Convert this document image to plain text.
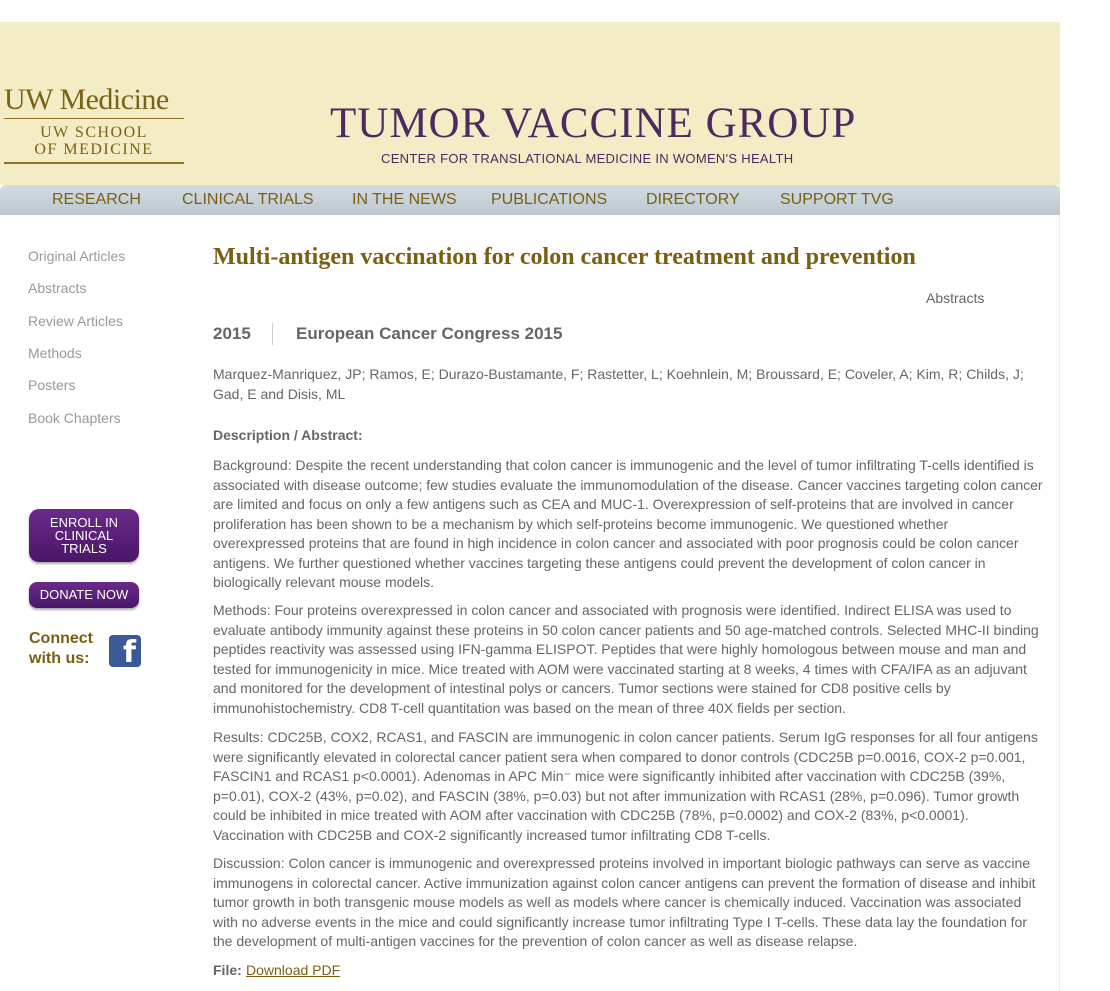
UW Medicine
UW SCHOOL
OF MEDICINE
TUMOR VACCINE GROUP
CENTER FOR TRANSLATIONAL MEDICINE IN WOMEN'S HEALTH
RESEARCH	CLINICAL TRIALS IN THE NEWS PUBLICATIONS DIRECTORY	SUPPORT TVG
Original Articles
Abstracts
Review Articles
Methods
Posters
Book Chapters
ENROLL IN
CLINICAL
TRIALS
DONATE NOW
Connect
with us:	f
Multi-antigen vaccination for colon cancer treatment and prevention
Abstracts
2015	European Cancer Congress 2015

Marquez-Manriquez, JP; Ramos, E; Durazo-Bustamante, F; Rastetter, L; Koehnlein, M; Broussard, E; Coveler, A; Kim, R; Childs, J; Gad, E and Disis, ML

Description / Abstract:

Background: Despite the recent understanding that colon cancer is immunogenic and the level of tumor infiltrating T-cells identified is associated with disease outcome; few studies evaluate the immunomodulation of the disease. Cancer vaccines targeting colon cancer are limited and focus on only a few antigens such as CEA and MUC-1. Overexpression of self-proteins that are involved in cancer proliferation has been shown to be a mechanism by which self-proteins become immunogenic. We questioned whether overexpressed proteins that are found in high incidence in colon cancer and associated with poor prognosis could be colon cancer antigens. We further questioned whether vaccines targeting these antigens could prevent the development of colon cancer in biologically relevant mouse models.

Methods: Four proteins overexpressed in colon cancer and associated with prognosis were identified. Indirect ELISA was used to evaluate antibody immunity against these proteins in 50 colon cancer patients and 50 age-matched controls. Selected MHC-II binding peptides reactivity was assessed using IFN-gamma ELISPOT. Peptides that were highly homologous between mouse and man and tested for immunogenicity in mice. Mice treated with AOM were vaccinated starting at 8 weeks, 4 times with CFA/IFA as an adjuvant and monitored for the development of intestinal polys or cancers. Tumor sections were stained for CD8 positive cells by immunohistochemistry. CD8 T-cell quantitation was based on the mean of three 40X fields per section.

Results: CDC25B, COX2, RCAS1, and FASCIN are immunogenic in colon cancer patients. Serum IgG responses for all four antigens were significantly elevated in colorectal cancer patient sera when compared to donor controls (CDC25B p=0.0016, COX-2 p=0.001, FASCIN1 and RCAS1 p<0.0001). Adenomas in APC Min⁻ mice were significantly inhibited after vaccination with CDC25B (39%, p=0.01), COX-2 (43%, p=0.02), and FASCIN (38%, p=0.03) but not after immunization with RCAS1 (28%, p=0.096). Tumor growth could be inhibited in mice treated with AOM after vaccination with CDC25B (78%, p=0.0002) and COX-2 (83%, p<0.0001). Vaccination with CDC25B and COX-2 significantly increased tumor infiltrating CD8 T-cells.

Discussion: Colon cancer is immunogenic and overexpressed proteins involved in important biologic pathways can serve as vaccine immunogens in colorectal cancer. Active immunization against colon cancer antigens can prevent the formation of disease and inhibit tumor growth in both transgenic mouse models as well as models where cancer is chemically induced. Vaccination was associated with no adverse events in the mice and could significantly increase tumor infiltrating Type I T-cells. These data lay the foundation for the development of multi-antigen vaccines for the prevention of colon cancer as well as disease relapse.

File: Download PDF
